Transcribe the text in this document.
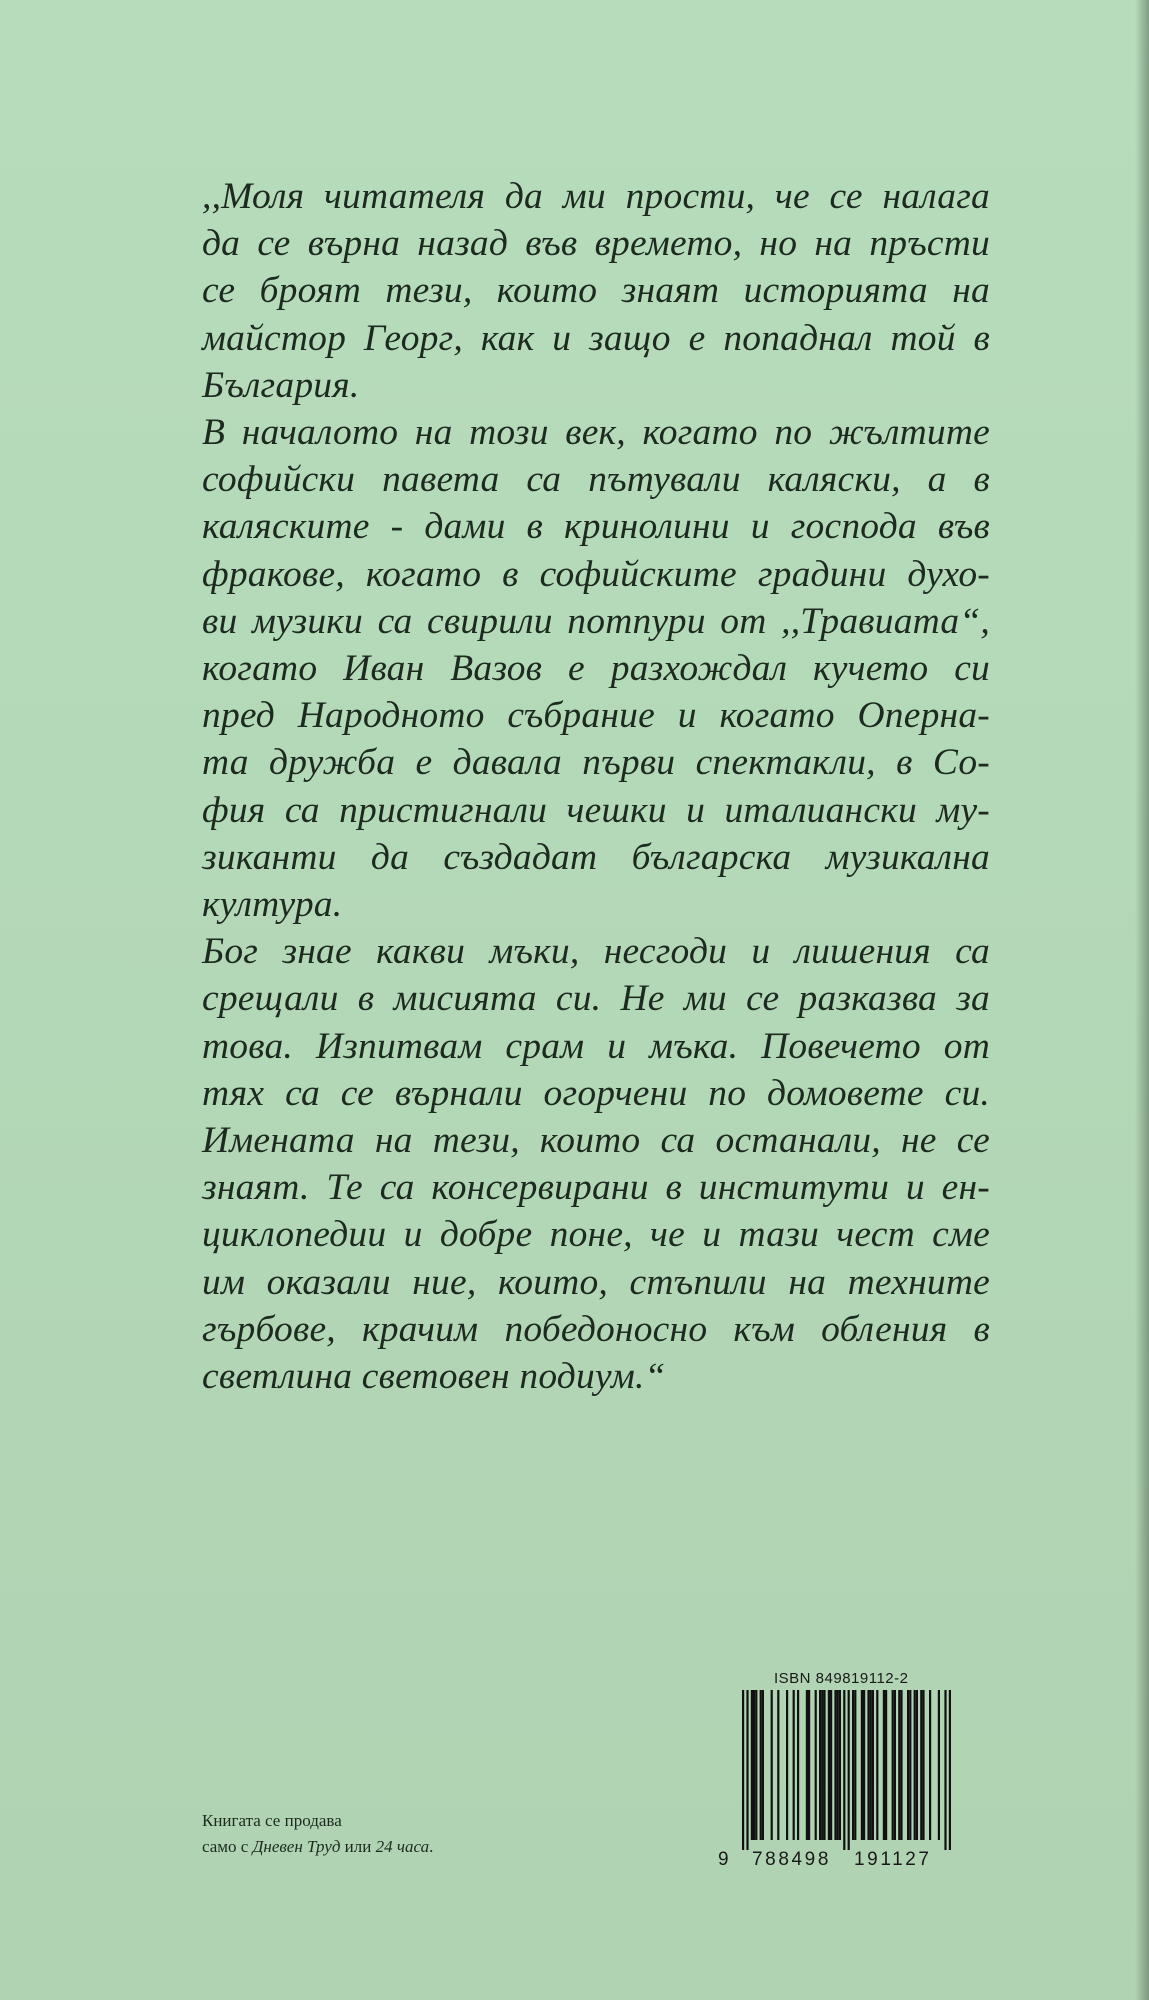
,,Моля читателя да ми прости, че се налага
да се върна назад във времето, но на пръсти
се броят тези, които знаят историята на
майстор Георг, как и защо е попаднал той в
България.
В началото на този век, когато по жълтите
софийски павета са пътували каляски, а в
каляските - дами в кринолини и господа във
фракове, когато в софийските градини духо-
ви музики са свирили потпури от ,,Травиата“,
когато Иван Вазов е разхождал кучето си
пред Народното събрание и когато Оперна-
та дружба е давала първи спектакли, в Со-
фия са пристигнали чешки и италиански му-
зиканти да създадат българска музикална
култура.
Бог знае какви мъки, несгоди и лишения са
срещали в мисията си. Не ми се разказва за
това. Изпитвам срам и мъка. Повечето от
тях са се върнали огорчени по домовете си.
Имената на тези, които са останали, не се
знаят. Те са консервирани в институти и ен-
циклопедии и добре поне, че и тази чест сме
им оказали ние, които, стъпили на техните
гърбове, крачим победоносно към обления в
светлина световен подиум.“
Книгата се продава
само с Дневен Труд или 24 часа.
ISBN 849819112-2
9 788498 191127
